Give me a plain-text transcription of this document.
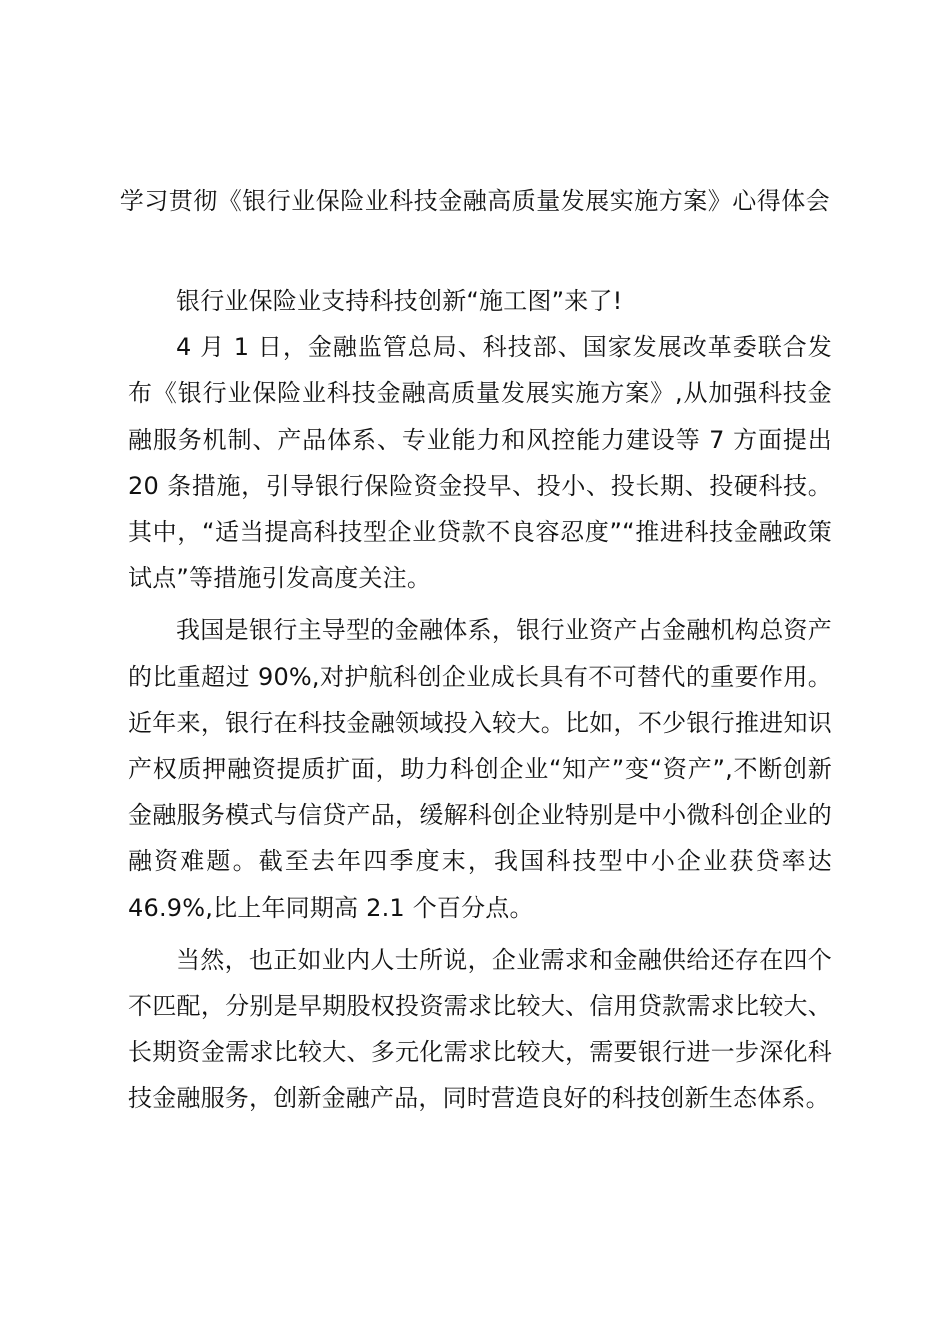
学习贯彻《银行业保险业科技金融高质量发展实施方案》心得体会

银行业保险业支持科技创新“施工图”来了!

4 月 1 日，金融监管总局、科技部、国家发展改革委联合发布《银行业保险业科技金融高质量发展实施方案》,从加强科技金融服务机制、产品体系、专业能力和风控能力建设等 7 方面提出 20 条措施，引导银行保险资金投早、投小、投长期、投硬科技。其中，“适当提高科技型企业贷款不良容忍度”“推进科技金融政策试点”等措施引发高度关注。

我国是银行主导型的金融体系，银行业资产占金融机构总资产的比重超过 90%,对护航科创企业成长具有不可替代的重要作用。近年来，银行在科技金融领域投入较大。比如，不少银行推进知识产权质押融资提质扩面，助力科创企业“知产”变“资产”,不断创新金融服务模式与信贷产品，缓解科创企业特别是中小微科创企业的融资难题。截至去年四季度末，我国科技型中小企业获贷率达 46.9%,比上年同期高 2.1 个百分点。

当然，也正如业内人士所说，企业需求和金融供给还存在四个不匹配，分别是早期股权投资需求比较大、信用贷款需求比较大、长期资金需求比较大、多元化需求比较大，需要银行进一步深化科技金融服务，创新金融产品，同时营造良好的科技创新生态体系。
